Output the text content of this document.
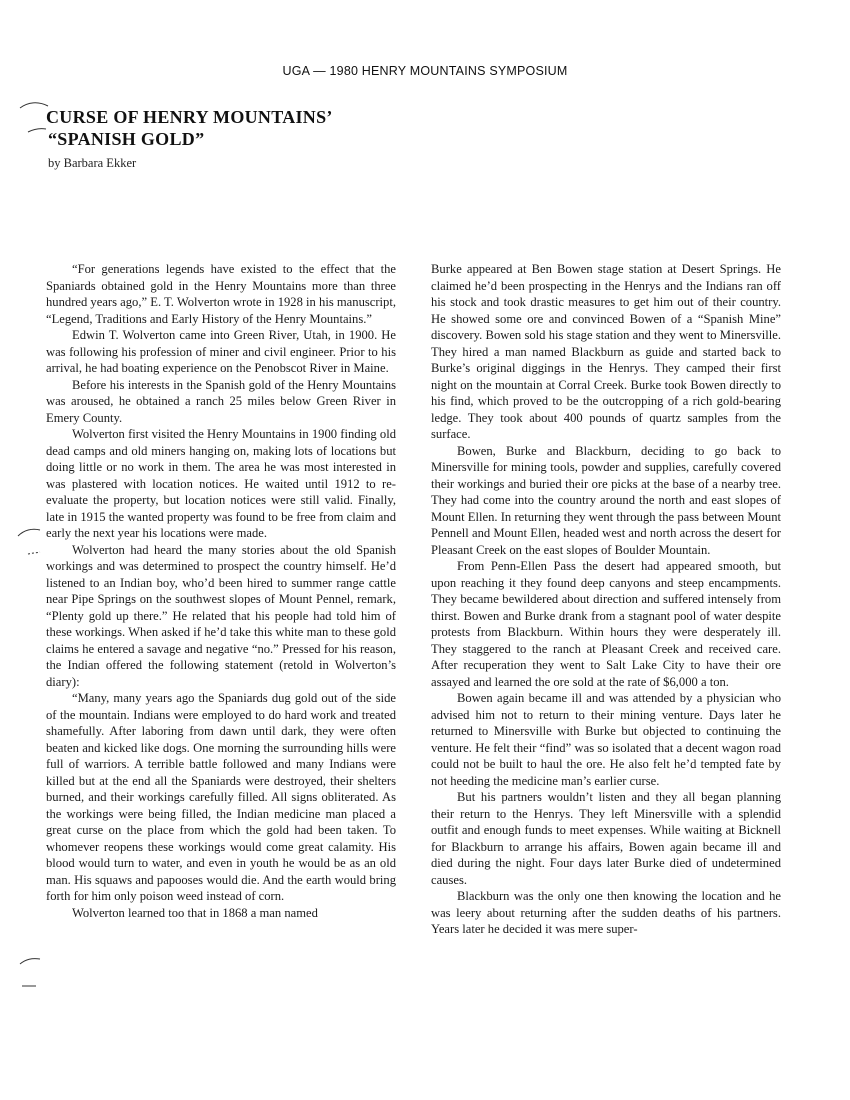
UGA — 1980 HENRY MOUNTAINS SYMPOSIUM
CURSE OF HENRY MOUNTAINS’
“SPANISH GOLD”
by Barbara Ekker

“For generations legends have existed to the effect that the Spaniards obtained gold in the Henry Mountains more than three hundred years ago,” E. T. Wolverton wrote in 1928 in his manuscript, “Legend, Traditions and Early History of the Henry Mountains.”

Edwin T. Wolverton came into Green River, Utah, in 1900. He was following his profession of miner and civil engineer. Prior to his arrival, he had boating experience on the Penobscot River in Maine.

Before his interests in the Spanish gold of the Henry Mountains was aroused, he obtained a ranch 25 miles below Green River in Emery County.

Wolverton first visited the Henry Mountains in 1900 finding old dead camps and old miners hanging on, making lots of locations but doing little or no work in them. The area he was most interested in was plastered with location notices. He waited until 1912 to re-evaluate the property, but location notices were still valid. Finally, late in 1915 the wanted property was found to be free from claim and early the next year his locations were made.

Wolverton had heard the many stories about the old Spanish workings and was determined to prospect the country himself. He’d listened to an Indian boy, who’d been hired to summer range cattle near Pipe Springs on the southwest slopes of Mount Pennel, remark, “Plenty gold up there.” He related that his people had told him of these workings. When asked if he’d take this white man to these gold claims he entered a savage and negative “no.” Pressed for his reason, the Indian offered the following statement (retold in Wolverton’s diary):

“Many, many years ago the Spaniards dug gold out of the side of the mountain. Indians were employed to do hard work and treated shamefully. After laboring from dawn until dark, they were often beaten and kicked like dogs. One morning the surrounding hills were full of warriors. A terrible battle followed and many Indians were killed but at the end all the Spaniards were destroyed, their shelters burned, and their workings carefully filled. All signs obliterated. As the workings were being filled, the Indian medicine man placed a great curse on the place from which the gold had been taken. To whomever reopens these workings would come great calamity. His blood would turn to water, and even in youth he would be as an old man. His squaws and papooses would die. And the earth would bring forth for him only poison weed instead of corn.

Wolverton learned too that in 1868 a man named

Burke appeared at Ben Bowen stage station at Desert Springs. He claimed he’d been prospecting in the Henrys and the Indians ran off his stock and took drastic measures to get him out of their country. He showed some ore and convinced Bowen of a “Spanish Mine” discovery. Bowen sold his stage station and they went to Minersville. They hired a man named Blackburn as guide and started back to Burke’s original diggings in the Henrys. They camped their first night on the mountain at Corral Creek. Burke took Bowen directly to his find, which proved to be the outcropping of a rich gold-bearing ledge. They took about 400 pounds of quartz samples from the surface.

Bowen, Burke and Blackburn, deciding to go back to Minersville for mining tools, powder and supplies, carefully covered their workings and buried their ore picks at the base of a nearby tree. They had come into the country around the north and east slopes of Mount Ellen. In returning they went through the pass between Mount Pennell and Mount Ellen, headed west and north across the desert for Pleasant Creek on the east slopes of Boulder Mountain.

From Penn-Ellen Pass the desert had appeared smooth, but upon reaching it they found deep canyons and steep encampments. They became bewildered about direction and suffered intensely from thirst. Bowen and Burke drank from a stagnant pool of water despite protests from Blackburn. Within hours they were desperately ill. They staggered to the ranch at Pleasant Creek and received care. After recuperation they went to Salt Lake City to have their ore assayed and learned the ore sold at the rate of $6,000 a ton.

Bowen again became ill and was attended by a physician who advised him not to return to their mining venture. Days later he returned to Minersville with Burke but objected to continuing the venture. He felt their “find” was so isolated that a decent wagon road could not be built to haul the ore. He also felt he’d tempted fate by not heeding the medicine man’s earlier curse.

But his partners wouldn’t listen and they all began planning their return to the Henrys. They left Minersville with a splendid outfit and enough funds to meet expenses. While waiting at Bicknell for Blackburn to arrange his affairs, Bowen again became ill and died during the night. Four days later Burke died of undetermined causes.

Blackburn was the only one then knowing the location and he was leery about returning after the sudden deaths of his partners. Years later he decided it was mere super-
